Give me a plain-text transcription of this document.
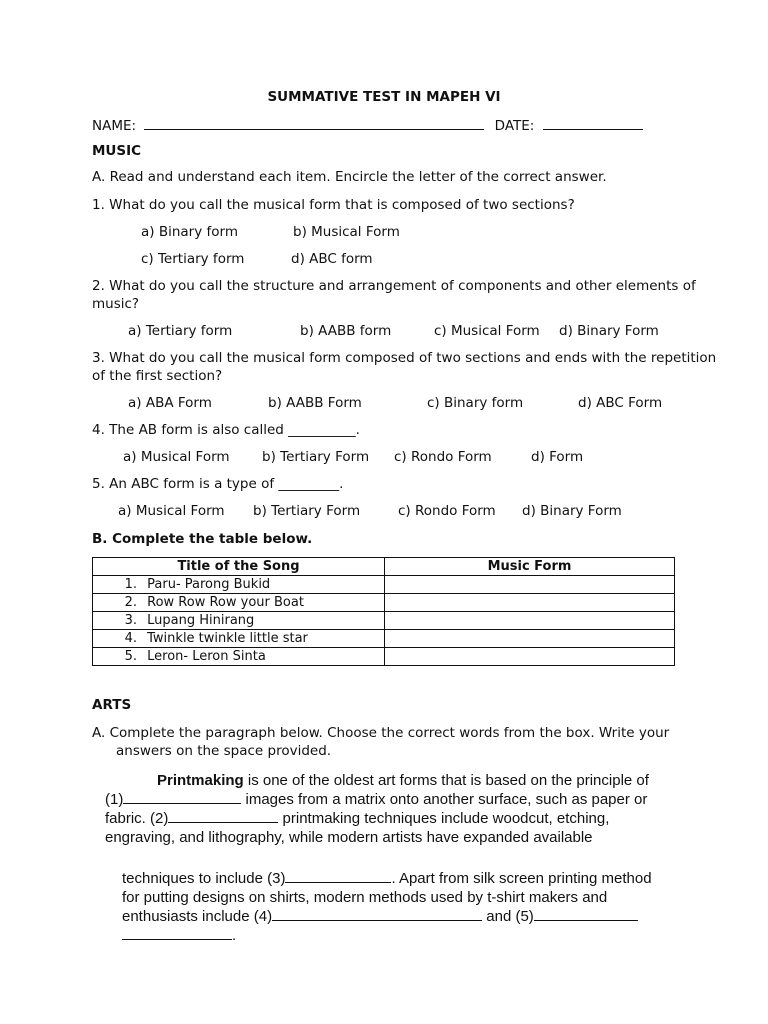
SUMMATIVE TEST IN MAPEH VI
NAME:	DATE:
MUSIC
A. Read and understand each item. Encircle the letter of the correct answer.
1. What do you call the musical form that is composed of two sections?
a) Binary form	b) Musical Form
c) Tertiary form	d) ABC form
2. What do you call the structure and arrangement of components and other elements of
music?
a) Tertiary form	b) AABB form	c) Musical Form d) Binary Form
3. What do you call the musical form composed of two sections and ends with the repetition
of the first section?
a) ABA Form	b) AABB Form	c) Binary form	d) ABC Form
4. The AB form is also called __________.
a) Musical Form b) Tertiary Form c) Rondo Form	d) Form
5. An ABC form is a type of _________.
a) Musical Form b) Tertiary Form	c) Rondo Form d) Binary Form
B. Complete the table below.
Title of the Song	Music Form
1. Paru- Parong Bukid	
2. Row Row Row your Boat	
3. Lupang Hinirang	
4. Twinkle twinkle little star	
5. Leron- Leron Sinta	
ARTS
A. Complete the paragraph below. Choose the correct words from the box. Write your
answers on the space provided.
Printmaking is one of the oldest art forms that is based on the principle of
(1)	images from a matrix onto another surface, such as paper or
fabric. (2)	printmaking techniques include woodcut, etching,
engraving, and lithography, while modern artists have expanded available
techniques to include (3)	. Apart from silk screen printing method
for putting designs on shirts, modern methods used by t-shirt makers and
enthusiasts include (4)	and (5)
.
